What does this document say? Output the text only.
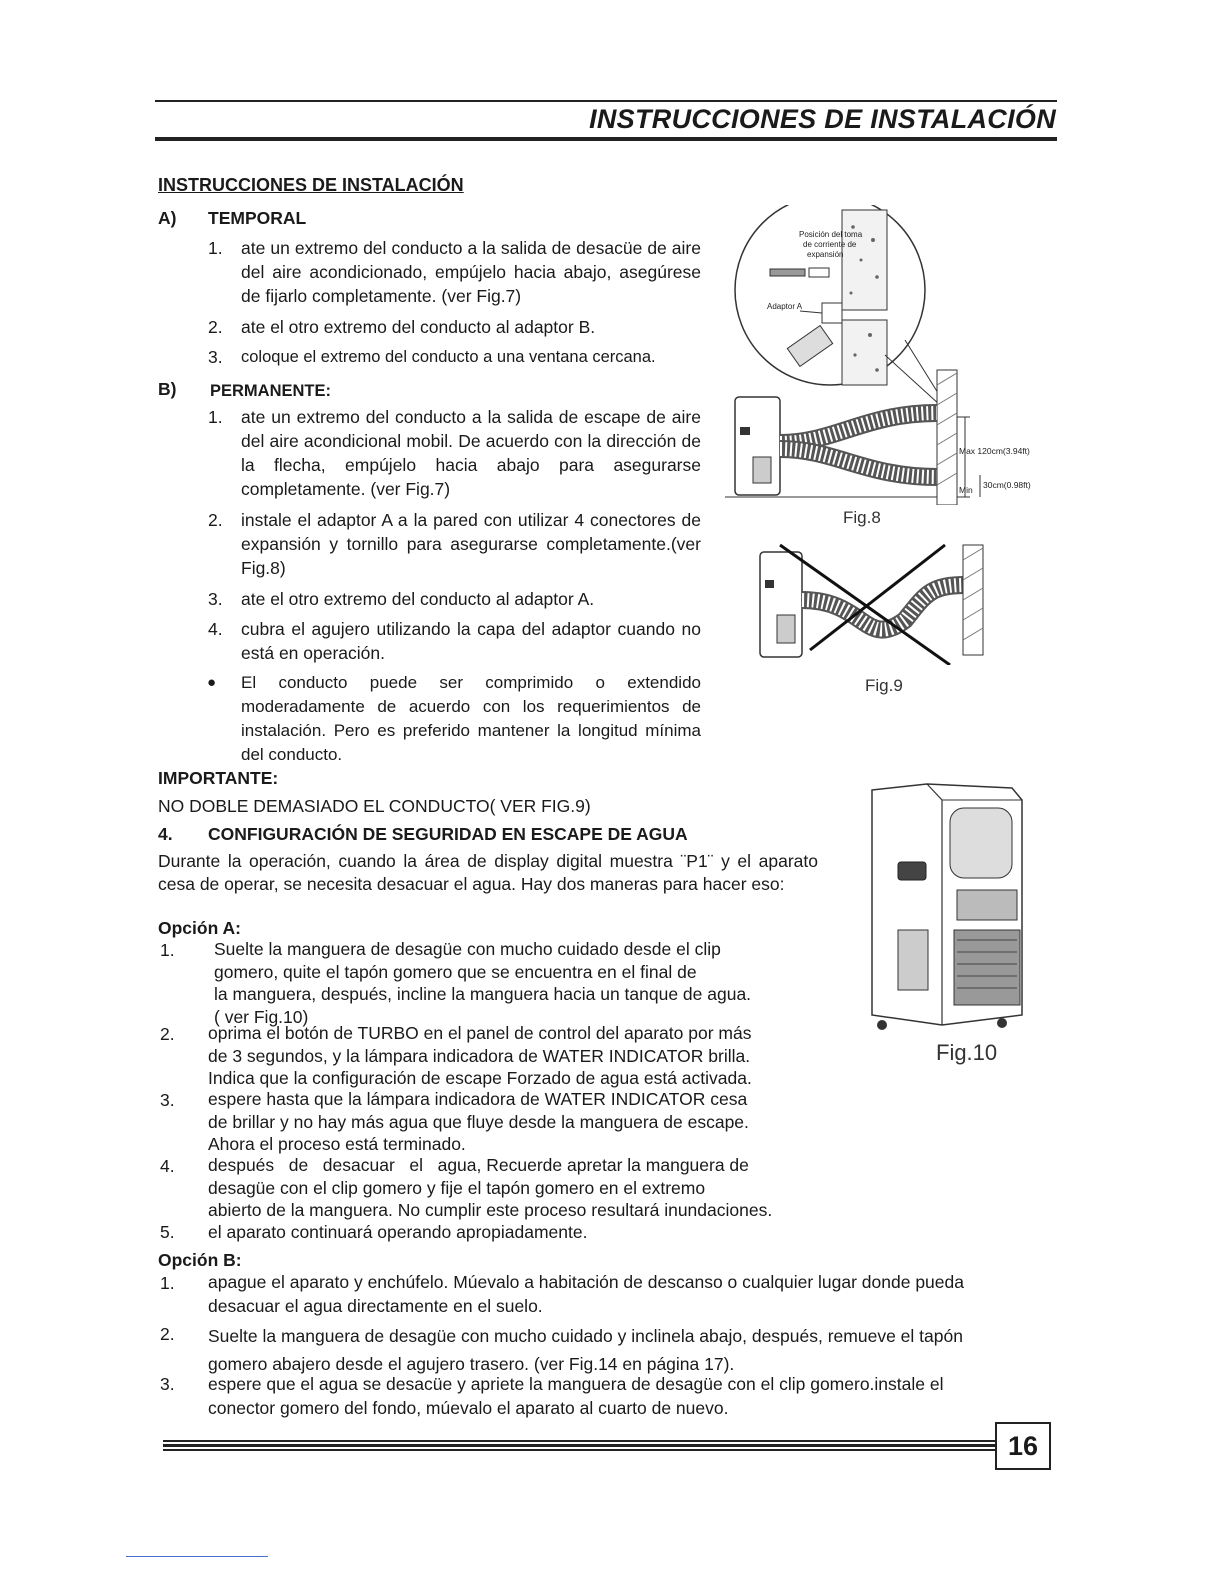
INSTRUCCIONES DE INSTALACIÓN
INSTRUCCIONES DE INSTALACIÓN
A) TEMPORAL
1. ate un extremo del conducto a la salida de desacüe de aire del aire acondicionado, empújelo hacia abajo, asegúrese de fijarlo completamente. (ver Fig.7)
2. ate el otro extremo del conducto al adaptor B.
3. coloque el extremo del conducto a una ventana cercana.
B) PERMANENTE:
1. ate un extremo del conducto a la salida de escape de aire del aire acondicional mobil. De acuerdo con la dirección de la flecha, empújelo hacia abajo para asegurarse completamente. (ver Fig.7)
2. instale el adaptor A a la pared con utilizar 4 conectores de expansión y tornillo para asegurarse completamente.(ver Fig.8)
3. ate el otro extremo del conducto al adaptor A.
4. cubra el agujero utilizando la capa del adaptor cuando no está en operación.
● El conducto puede ser comprimido o extendido moderadamente de acuerdo con los requerimientos de instalación. Pero es preferido mantener la longitud mínima del conducto.
IMPORTANTE:
NO DOBLE DEMASIADO EL CONDUCTO( VER FIG.9)
4. CONFIGURACIÓN DE SEGURIDAD EN ESCAPE DE AGUA
Durante la operación, cuando la área de display digital muestra ¨P1¨ y el aparato cesa de operar, se necesita desacuar el agua. Hay dos maneras para hacer eso:
Opción A:
1. Suelte la manguera de desagüe con mucho cuidado desde el clip
gomero, quite el tapón gomero que se encuentra en el final de
la manguera, después, incline la manguera hacia un tanque de agua.
( ver Fig.10)
2. oprima el botón de TURBO en el panel de control del aparato por más
de 3 segundos, y la lámpara indicadora de WATER INDICATOR brilla.
Indica que la configuración de escape Forzado de agua está activada.
3. espere hasta que la lámpara indicadora de WATER INDICATOR cesa
de brillar y no hay más agua que fluye desde la manguera de escape.
Ahora el proceso está terminado.
4. después   de   desacuar   el   agua, Recuerde apretar la manguera de
desagüe con el clip gomero y fije el tapón gomero en el extremo
abierto de la manguera. No cumplir este proceso resultará inundaciones.
5. el aparato continuará operando apropiadamente.
Opción B:
1. apague el aparato y enchúfelo. Múevalo a habitación de descanso o cualquier lugar donde pueda
desacuar el agua directamente en el suelo.
2. Suelte la manguera de desagüe con mucho cuidado y inclinela abajo, después, remueve el tapón
gomero abajero desde el agujero trasero. (ver Fig.14 en página 17).
3. espere que el agua se desacüe y apriete la manguera de desagüe con el clip gomero.instale el
conector gomero del fondo, múevalo el aparato al cuarto de nuevo.
Posición del toma
de corriente de
expansión
Adaptor A
Max 120cm(3.94ft)
Min 30cm(0.98ft)
Fig.8
Fig.9
Fig.10
16
